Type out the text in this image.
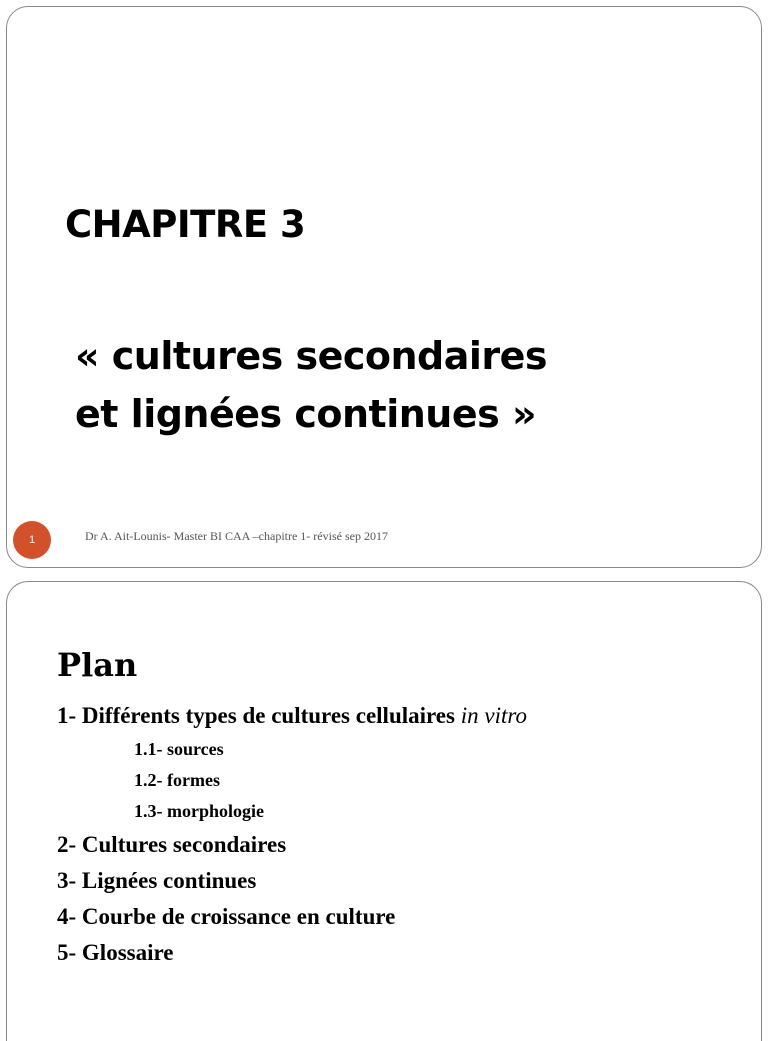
CHAPITRE 3
« cultures secondaires
et lignées continues »
1	Dr A. Ait-Lounis- Master BI CAA –chapitre 1- révisé sep 2017
Plan
1- Différents types de cultures cellulaires in vitro
1.1- sources
1.2- formes
1.3- morphologie
2- Cultures secondaires
3- Lignées continues
4- Courbe de croissance en culture
5- Glossaire
